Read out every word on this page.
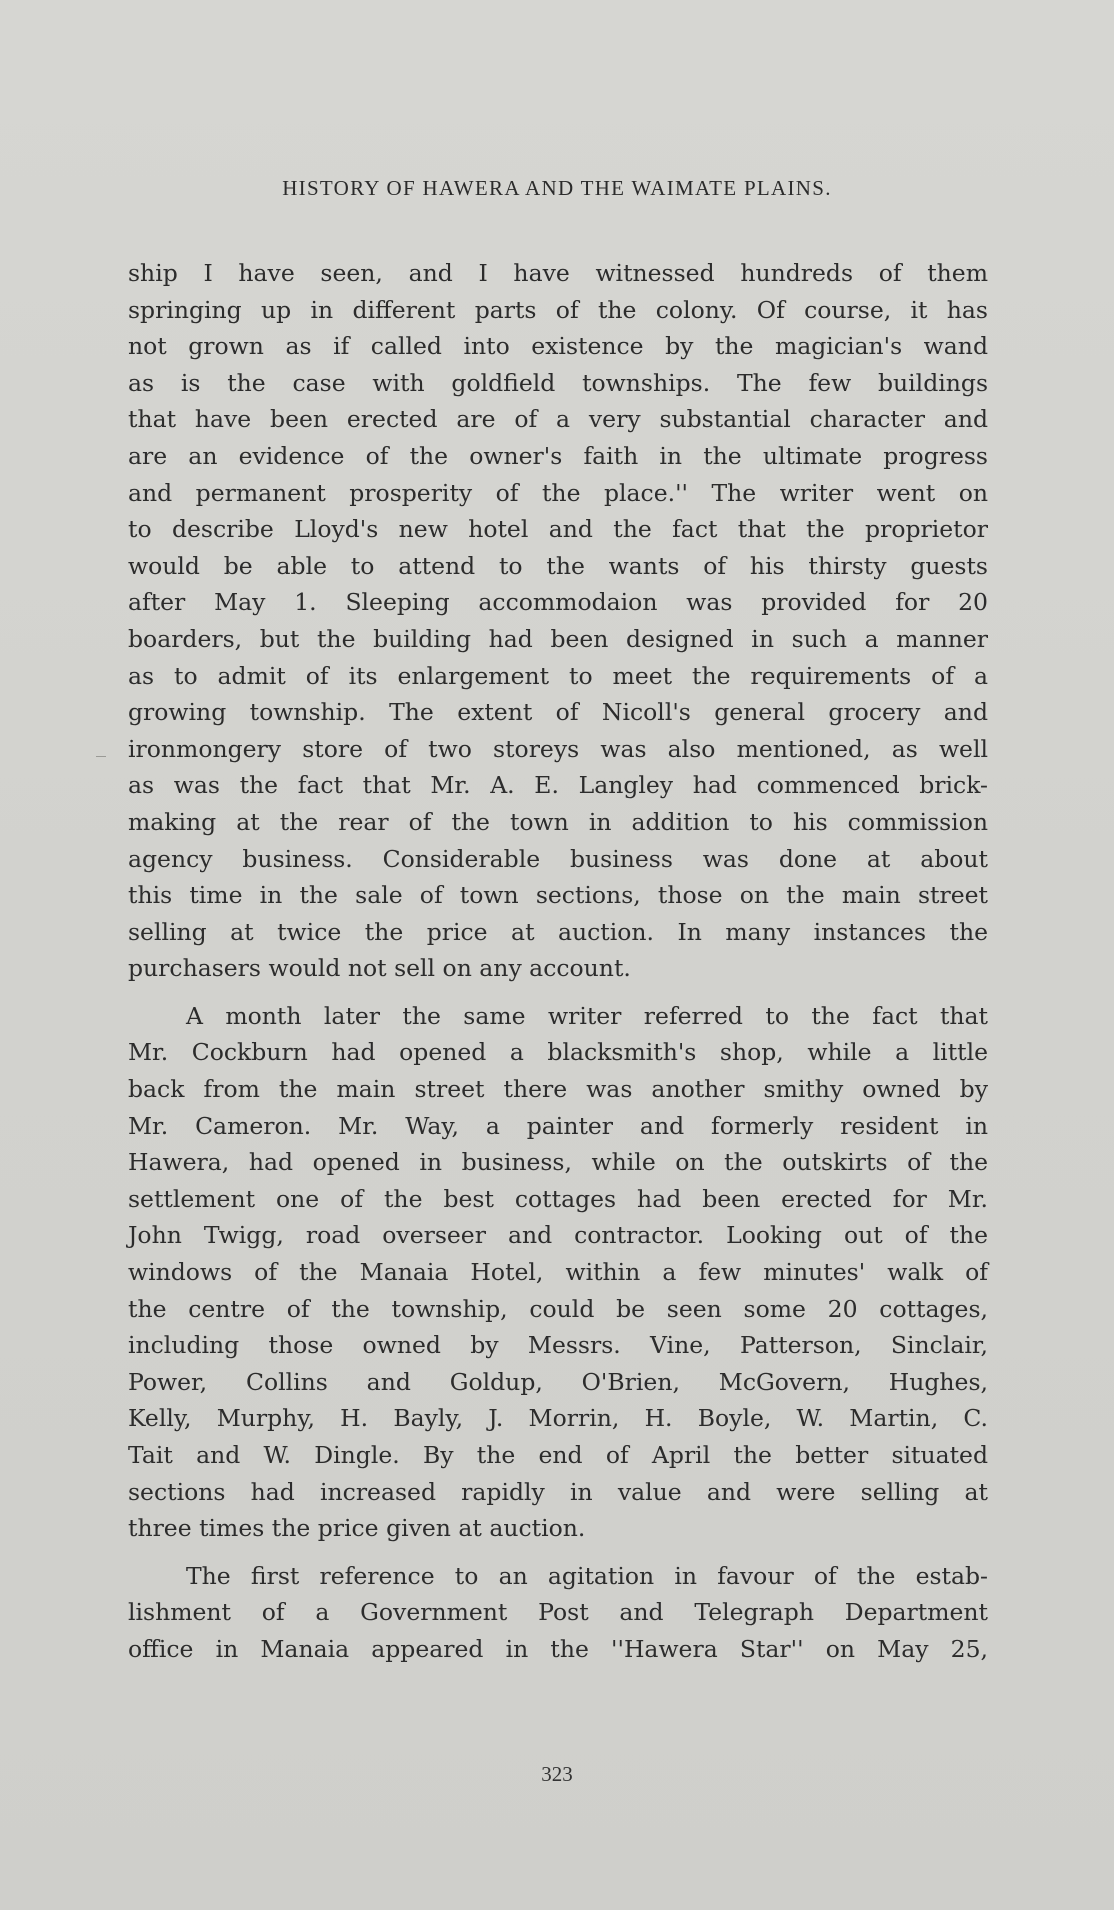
HISTORY OF HAWERA AND THE WAIMATE PLAINS.
ship I have seen, and I have witnessed hundreds of them
springing up in different parts of the colony. Of course, it has
not grown as if called into existence by the magician's wand
as is the case with goldfield townships. The few buildings
that have been erected are of a very substantial character and
are an evidence of the owner's faith in the ultimate progress
and permanent prosperity of the place.'' The writer went on
to describe Lloyd's new hotel and the fact that the proprietor
would be able to attend to the wants of his thirsty guests
after May 1. Sleeping accommodaion was provided for 20
boarders, but the building had been designed in such a manner
as to admit of its enlargement to meet the requirements of a
growing township. The extent of Nicoll's general grocery and
ironmongery store of two storeys was also mentioned, as well
as was the fact that Mr. A. E. Langley had commenced brick-
making at the rear of the town in addition to his commission
agency business. Considerable business was done at about
this time in the sale of town sections, those on the main street
selling at twice the price at auction. In many instances the
purchasers would not sell on any account.
A month later the same writer referred to the fact that
Mr. Cockburn had opened a blacksmith's shop, while a little
back from the main street there was another smithy owned by
Mr. Cameron. Mr. Way, a painter and formerly resident in
Hawera, had opened in business, while on the outskirts of the
settlement one of the best cottages had been erected for Mr.
John Twigg, road overseer and contractor. Looking out of the
windows of the Manaia Hotel, within a few minutes' walk of
the centre of the township, could be seen some 20 cottages,
including those owned by Messrs. Vine, Patterson, Sinclair,
Power, Collins and Goldup, O'Brien, McGovern, Hughes,
Kelly, Murphy, H. Bayly, J. Morrin, H. Boyle, W. Martin, C.
Tait and W. Dingle. By the end of April the better situated
sections had increased rapidly in value and were selling at
three times the price given at auction.
The first reference to an agitation in favour of the estab-
lishment of a Government Post and Telegraph Department
office in Manaia appeared in the ''Hawera Star'' on May 25,
323
